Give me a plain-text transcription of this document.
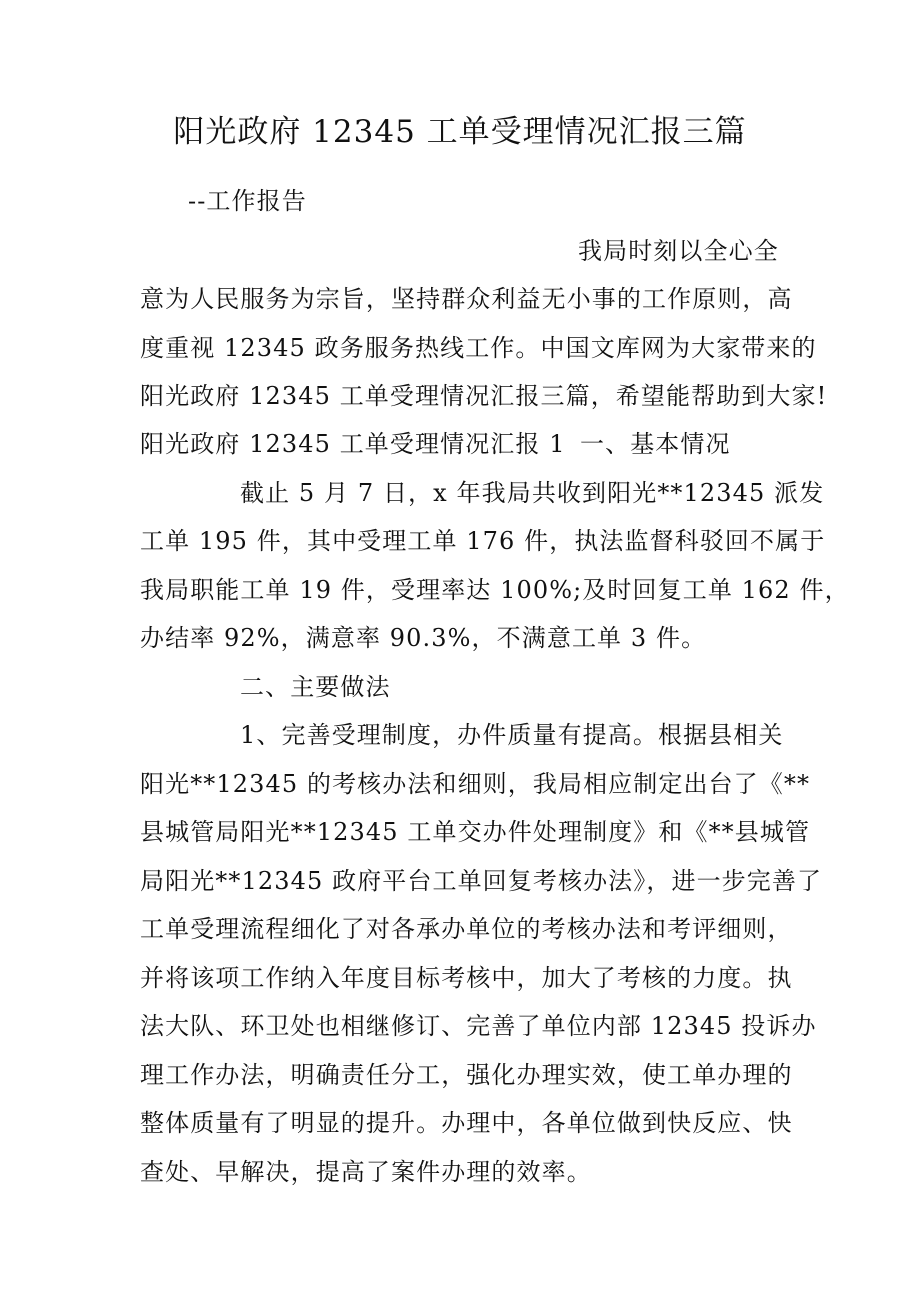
阳光政府 12345 工单受理情况汇报三篇
--工作报告
我局时刻以全心全
意为人民服务为宗旨，坚持群众利益无小事的工作原则，高
度重视 12345 政务服务热线工作。中国文库网为大家带来的
阳光政府 12345 工单受理情况汇报三篇，希望能帮助到大家!
阳光政府 12345 工单受理情况汇报 1 一、基本情况
截止 5 月 7 日，x 年我局共收到阳光**12345 派发
工单 195 件，其中受理工单 176 件，执法监督科驳回不属于
我局职能工单 19 件，受理率达 100%;及时回复工单 162 件，
办结率 92%，满意率 90.3%，不满意工单 3 件。
二、主要做法
1、完善受理制度，办件质量有提高。根据县相关
阳光**12345 的考核办法和细则，我局相应制定出台了《**
县城管局阳光**12345 工单交办件处理制度》和《**县城管
局阳光**12345 政府平台工单回复考核办法》，进一步完善了
工单受理流程细化了对各承办单位的考核办法和考评细则，
并将该项工作纳入年度目标考核中，加大了考核的力度。执
法大队、环卫处也相继修订、完善了单位内部 12345 投诉办
理工作办法，明确责任分工，强化办理实效，使工单办理的
整体质量有了明显的提升。办理中，各单位做到快反应、快
查处、早解决，提高了案件办理的效率。
